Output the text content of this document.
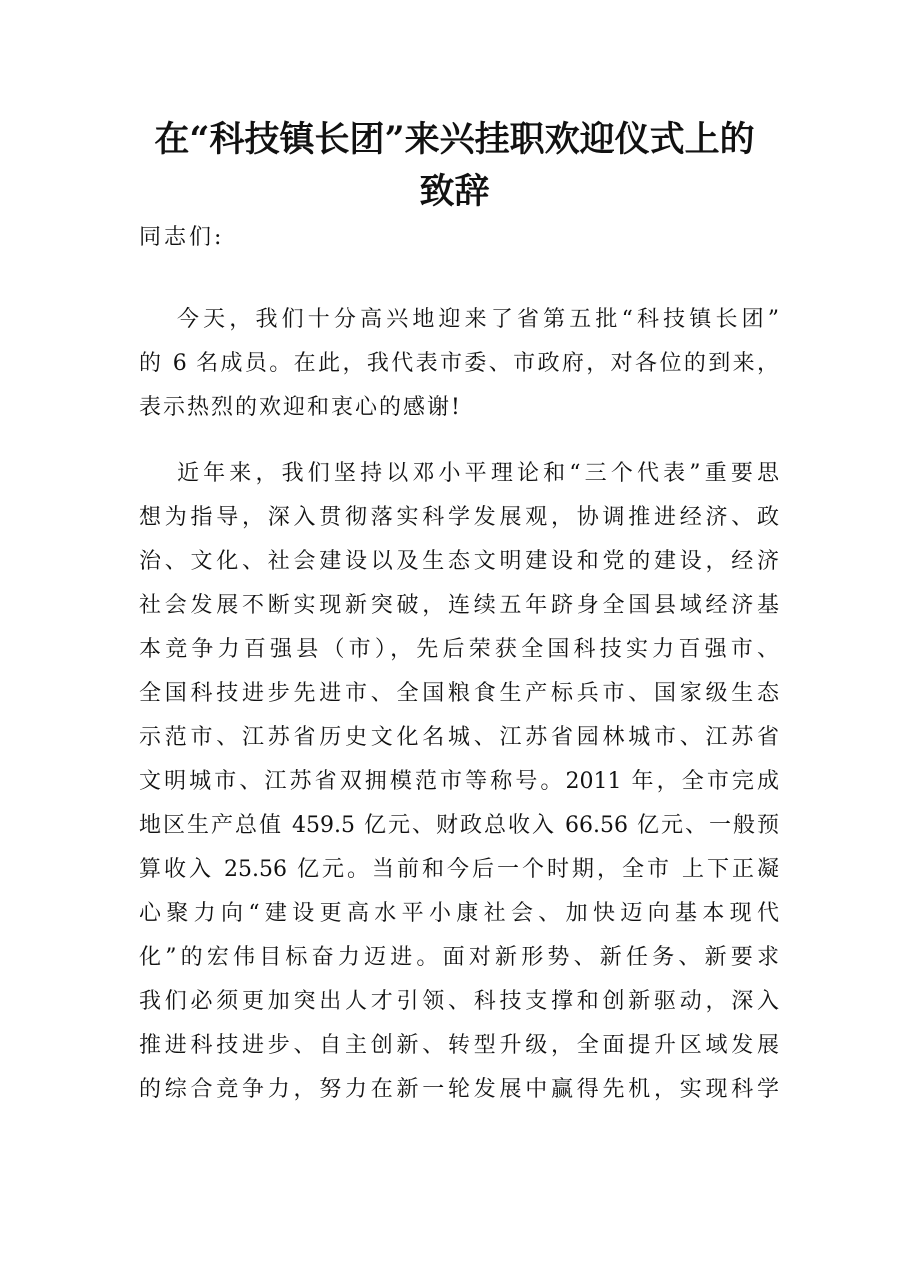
在“科技镇长团”来兴挂职欢迎仪式上的
致辞

同志们:

今天，我们十分高兴地迎来了省第五批“科技镇长团”
的 6 名成员。在此，我代表市委、市政府，对各位的到来，
表示热烈的欢迎和衷心的感谢!
近年来，我们坚持以邓小平理论和“三个代表”重要思
想为指导，深入贯彻落实科学发展观，协调推进经济、政
治、文化、社会建设以及生态文明建设和党的建设，经济
社会发展不断实现新突破，连续五年跻身全国县域经济基
本竞争力百强县（市），先后荣获全国科技实力百强市、
全国科技进步先进市、全国粮食生产标兵市、国家级生态
示范市、江苏省历史文化名城、江苏省园林城市、江苏省
文明城市、江苏省双拥模范市等称号。2011 年，全市完成
地区生产总值 459.5 亿元、财政总收入 66.56 亿元、一般预
算收入 25.56 亿元。当前和今后一个时期，全市 上下正凝
心聚力向“建设更高水平小康社会、加快迈向基本现代
化”的宏伟目标奋力迈进。面对新形势、新任务、新要求
我们必须更加突出人才引领、科技支撑和创新驱动，深入
推进科技进步、自主创新、转型升级，全面提升区域发展
的综合竞争力，努力在新一轮发展中赢得先机，实现科学
